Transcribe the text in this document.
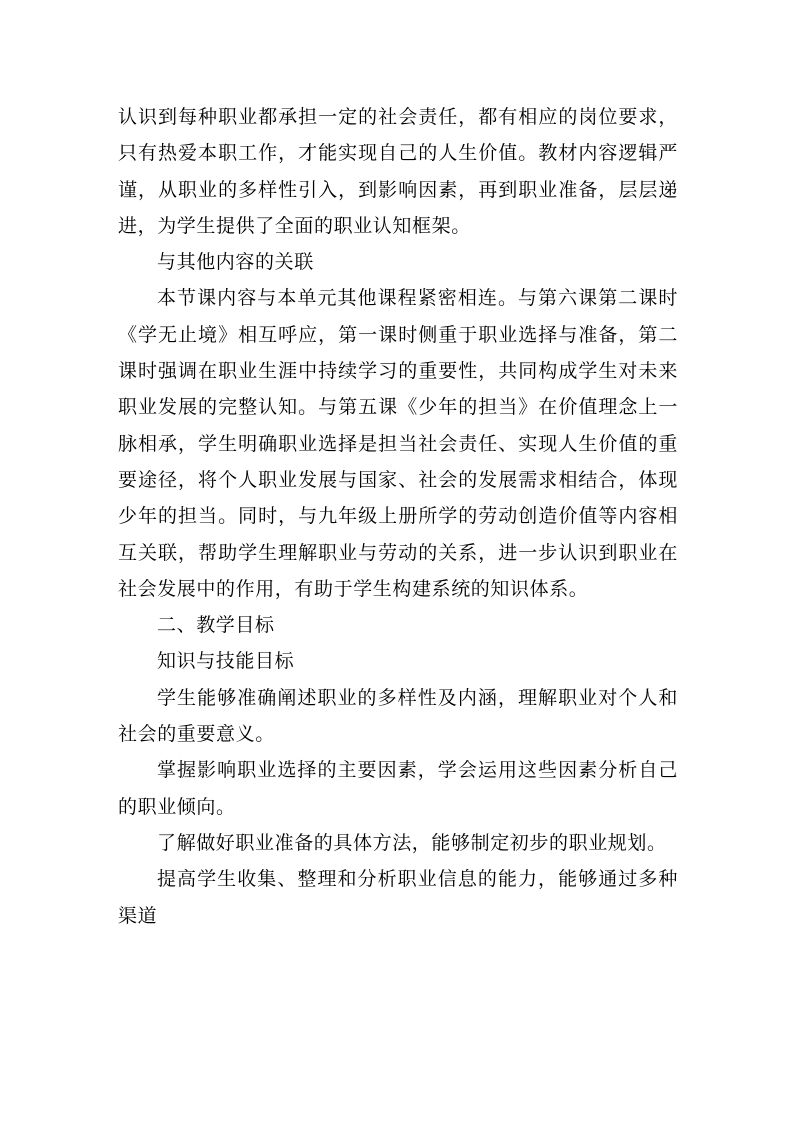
认识到每种职业都承担一定的社会责任，都有相应的岗位要求，只有热爱本职工作，才能实现自己的人生价值。教材内容逻辑严谨，从职业的多样性引入，到影响因素，再到职业准备，层层递进，为学生提供了全面的职业认知框架。

与其他内容的关联

本节课内容与本单元其他课程紧密相连。与第六课第二课时《学无止境》相互呼应，第一课时侧重于职业选择与准备，第二课时强调在职业生涯中持续学习的重要性，共同构成学生对未来职业发展的完整认知。与第五课《少年的担当》在价值理念上一脉相承，学生明确职业选择是担当社会责任、实现人生价值的重要途径，将个人职业发展与国家、社会的发展需求相结合，体现少年的担当。同时，与九年级上册所学的劳动创造价值等内容相互关联，帮助学生理解职业与劳动的关系，进一步认识到职业在社会发展中的作用，有助于学生构建系统的知识体系。

二、教学目标

知识与技能目标

学生能够准确阐述职业的多样性及内涵，理解职业对个人和社会的重要意义。

掌握影响职业选择的主要因素，学会运用这些因素分析自己的职业倾向。

了解做好职业准备的具体方法，能够制定初步的职业规划。

提高学生收集、整理和分析职业信息的能力，能够通过多种渠道
